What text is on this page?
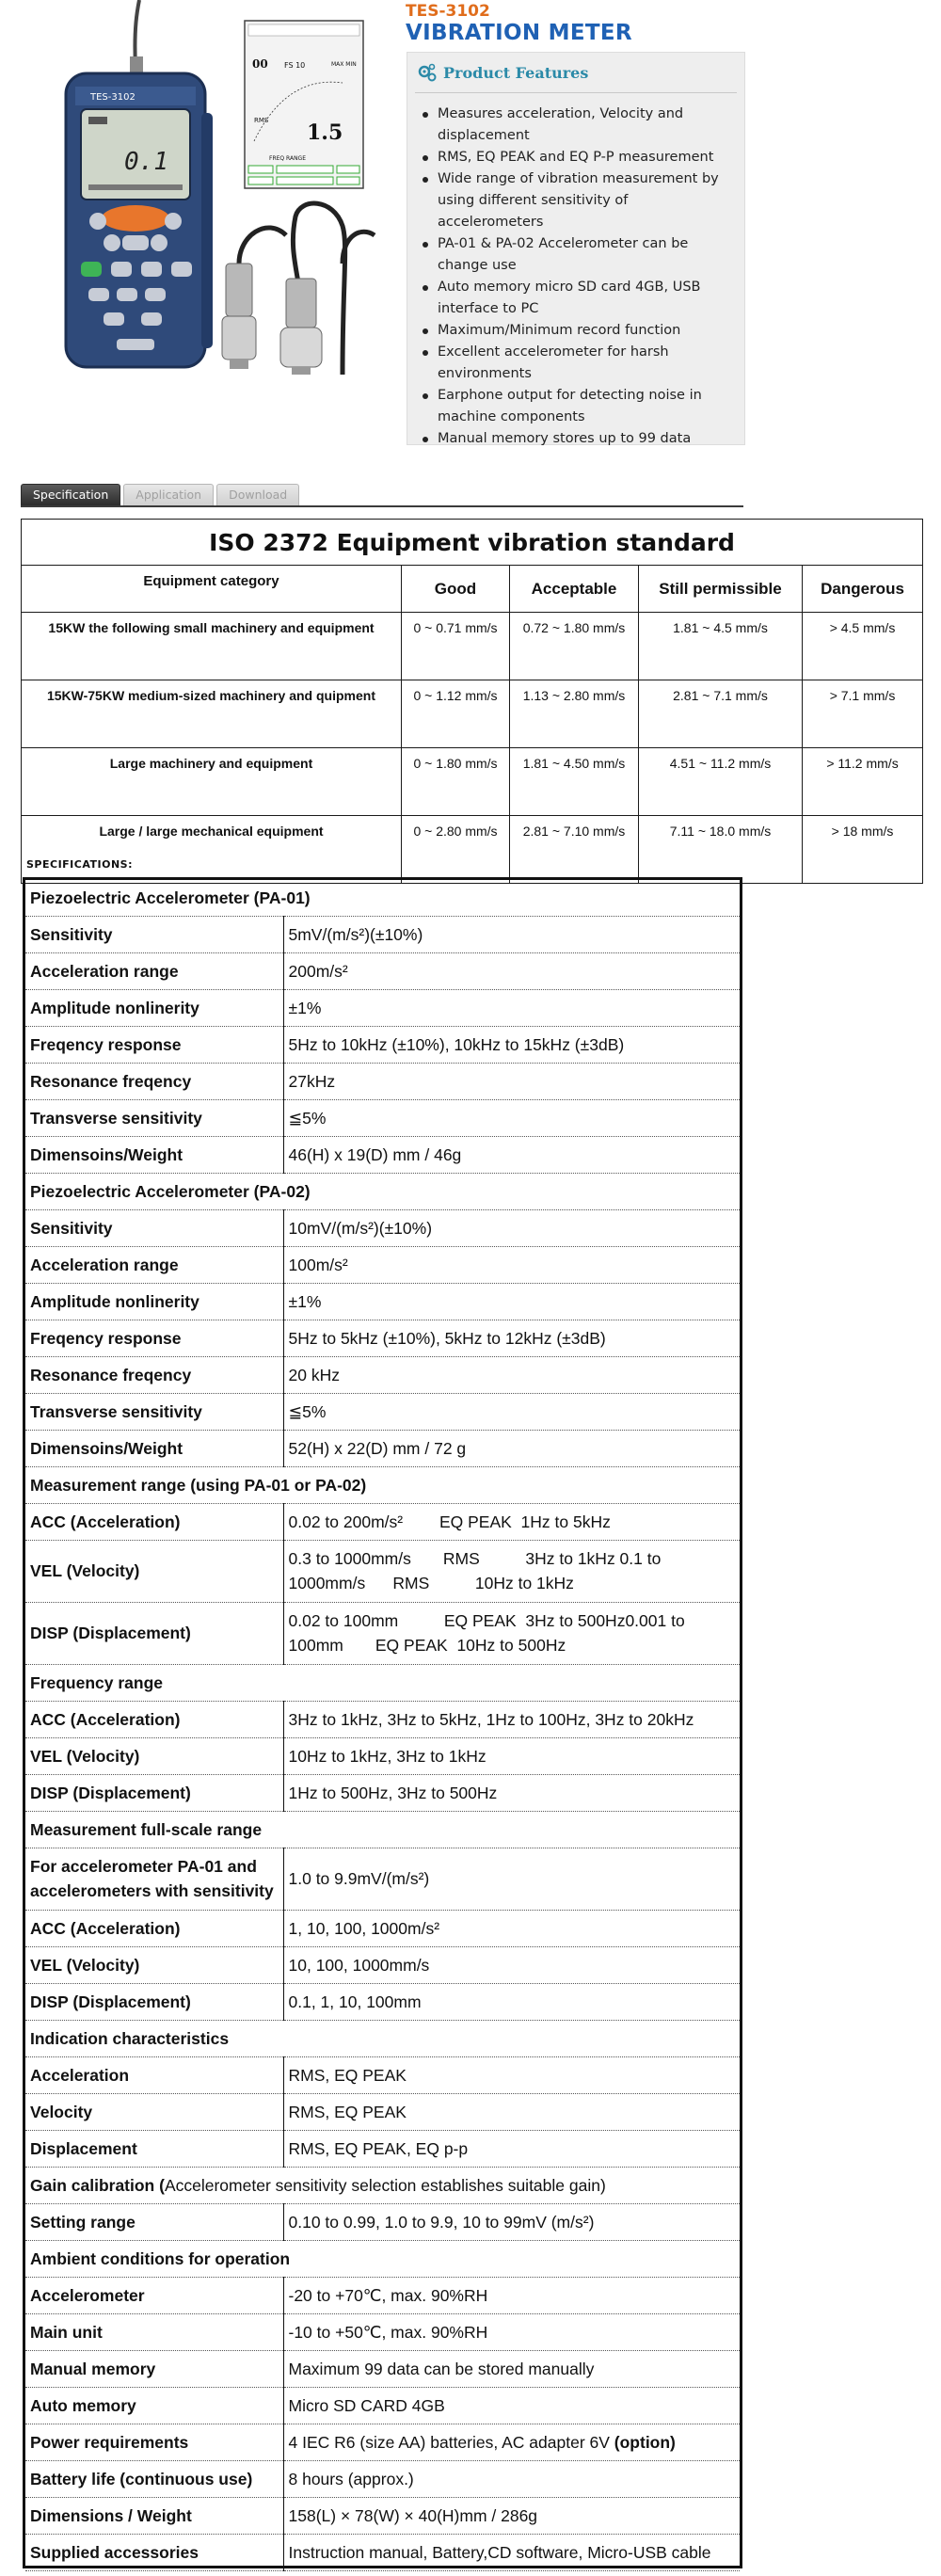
TES-3102
0.1
00 FS 10	MAX MIN
RMS 1.5
FREQ RANGE
TES-3102
VIBRATION METER
Product Features
Measures acceleration, Velocity and displacement
RMS, EQ PEAK and EQ P-P measurement
Wide range of vibration measurement by using different sensitivity of accelerometers
PA-01 & PA-02 Accelerometer can be change use
Auto memory micro SD card 4GB, USB interface to PC
Maximum/Minimum record function
Excellent accelerometer for harsh environments
Earphone output for detecting noise in machine components
Manual memory stores up to 99 data
Specification	Application	Download
ISO 2372 Equipment vibration standard				
Equipment category	Good	Acceptable	Still permissible	Dangerous
15KW the following small machinery and equipment	0 ~ 0.71 mm/s	0.72 ~ 1.80 mm/s	1.81 ~ 4.5 mm/s	> 4.5 mm/s
15KW-75KW medium-sized machinery and quipment	0 ~ 1.12 mm/s	1.13 ~ 2.80 mm/s	2.81 ~ 7.1 mm/s	> 7.1 mm/s
Large machinery and equipment	0 ~ 1.80 mm/s	1.81 ~ 4.50 mm/s	4.51 ~ 11.2 mm/s	> 11.2 mm/s
Large / large mechanical equipment	0 ~ 2.80 mm/s	2.81 ~ 7.10 mm/s	7.11 ~ 18.0 mm/s	> 18 mm/s
SPECIFICATIONS:
Piezoelectric Accelerometer (PA-01)	
Sensitivity	5mV/(m/s²)(±10%)
Acceleration range	200m/s²
Amplitude nonlinerity	±1%
Freqency response	5Hz to 10kHz (±10%), 10kHz to 15kHz (±3dB)
Resonance freqency	27kHz
Transverse sensitivity	≦5%
Dimensoins/Weight	46(H) x 19(D) mm / 46g
Piezoelectric Accelerometer (PA-02)	
Sensitivity	10mV/(m/s²)(±10%)
Acceleration range	100m/s²
Amplitude nonlinerity	±1%
Freqency response	5Hz to 5kHz (±10%), 5kHz to 12kHz (±3dB)
Resonance freqency	20 kHz
Transverse sensitivity	≦5%
Dimensoins/Weight	52(H) x 22(D) mm / 72 g
Measurement range (using PA-01 or PA-02)	
ACC (Acceleration)	0.02 to 200m/s²        EQ PEAK  1Hz to 5kHz
VEL (Velocity)	0.3 to 1000mm/s       RMS          3Hz to 1kHz 0.1 to 1000mm/s      RMS          10Hz to 1kHz
DISP (Displacement)	0.02 to 100mm          EQ PEAK  3Hz to 500Hz0.001 to 100mm       EQ PEAK  10Hz to 500Hz
Frequency range	
ACC (Acceleration)	3Hz to 1kHz, 3Hz to 5kHz, 1Hz to 100Hz, 3Hz to 20kHz
VEL (Velocity)	10Hz to 1kHz, 3Hz to 1kHz
DISP (Displacement)	1Hz to 500Hz, 3Hz to 500Hz
Measurement full-scale range	
For accelerometer PA-01 and accelerometers with sensitivity	1.0 to 9.9mV/(m/s²)
ACC (Acceleration)	1, 10, 100, 1000m/s²
VEL (Velocity)	10, 100, 1000mm/s
DISP (Displacement)	0.1, 1, 10, 100mm
Indication characteristics	
Acceleration	RMS, EQ PEAK
Velocity	RMS, EQ PEAK
Displacement	RMS, EQ PEAK, EQ p-p
Gain calibration (Accelerometer sensitivity selection establishes suitable gain)	
Setting range	0.10 to 0.99, 1.0 to 9.9, 10 to 99mV (m/s²)
Ambient conditions for operation	
Accelerometer	-20 to +70℃, max. 90%RH
Main unit	-10 to +50℃, max. 90%RH
Manual memory	Maximum 99 data can be stored manually
Auto memory	Micro SD CARD 4GB
Power requirements	4 IEC R6 (size AA) batteries, AC adapter 6V (option)
Battery life (continuous use)	8 hours (approx.)
Dimensions / Weight	158(L) × 78(W) × 40(H)mm / 286g
Supplied accessories	Instruction manual, Battery,CD software, Micro-USB cable
